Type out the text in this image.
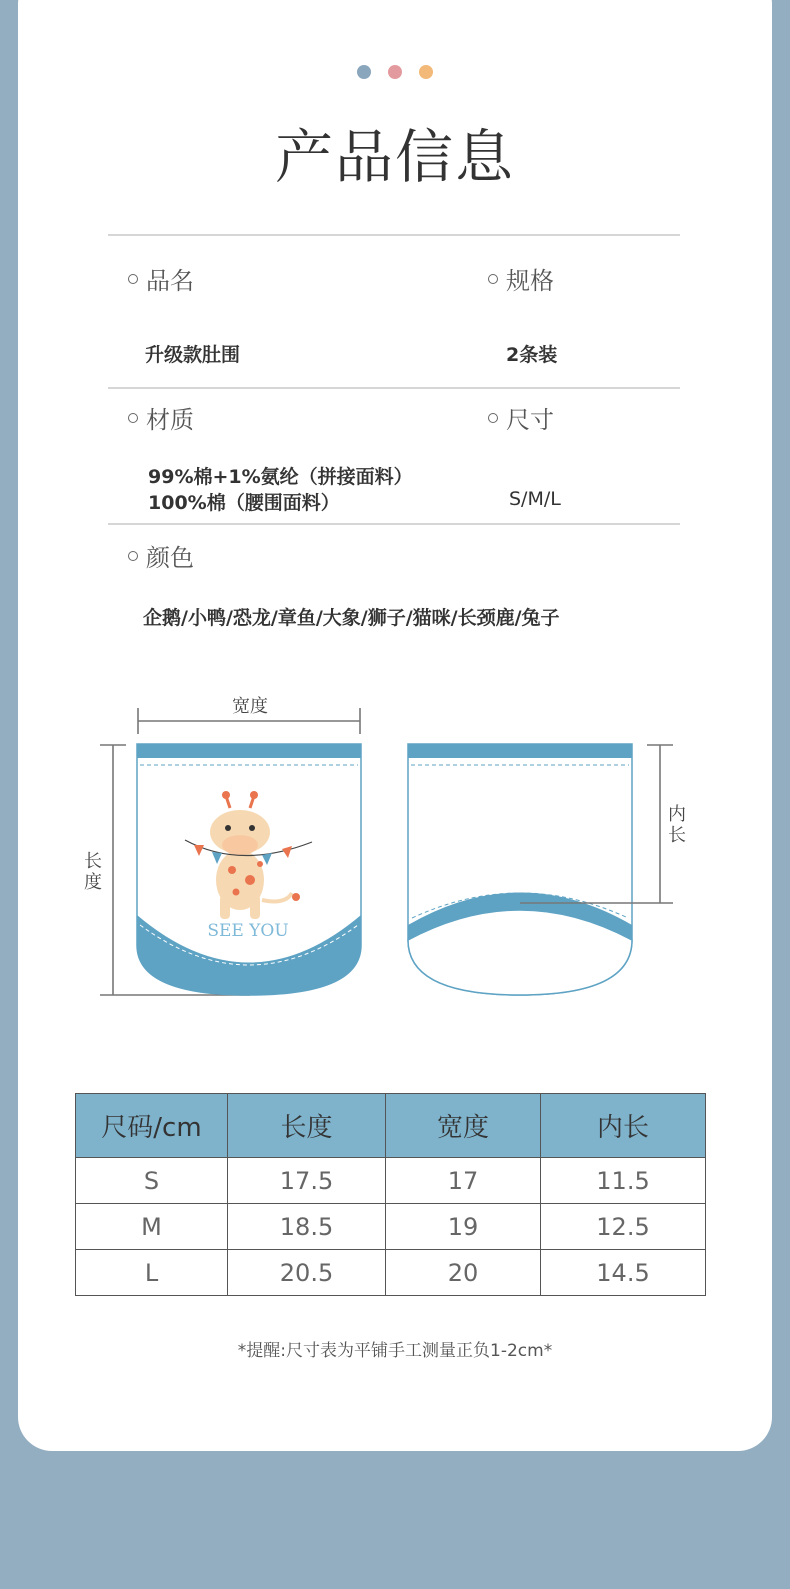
产品信息
品名	规格
升级款肚围	2条装
材质	尺寸
99%棉+1%氨纶（拼接面料）
100%棉（腰围面料）	S/M/L
颜色
企鹅/小鸭/恐龙/章鱼/大象/狮子/猫咪/长颈鹿/兔子
宽度
长
度
SEE YOU
内
长
尺码/cm	长度	宽度	内长
S	17.5	17	11.5
M	18.5	19	12.5
L	20.5	20	14.5
*提醒:尺寸表为平铺手工测量正负1-2cm*
